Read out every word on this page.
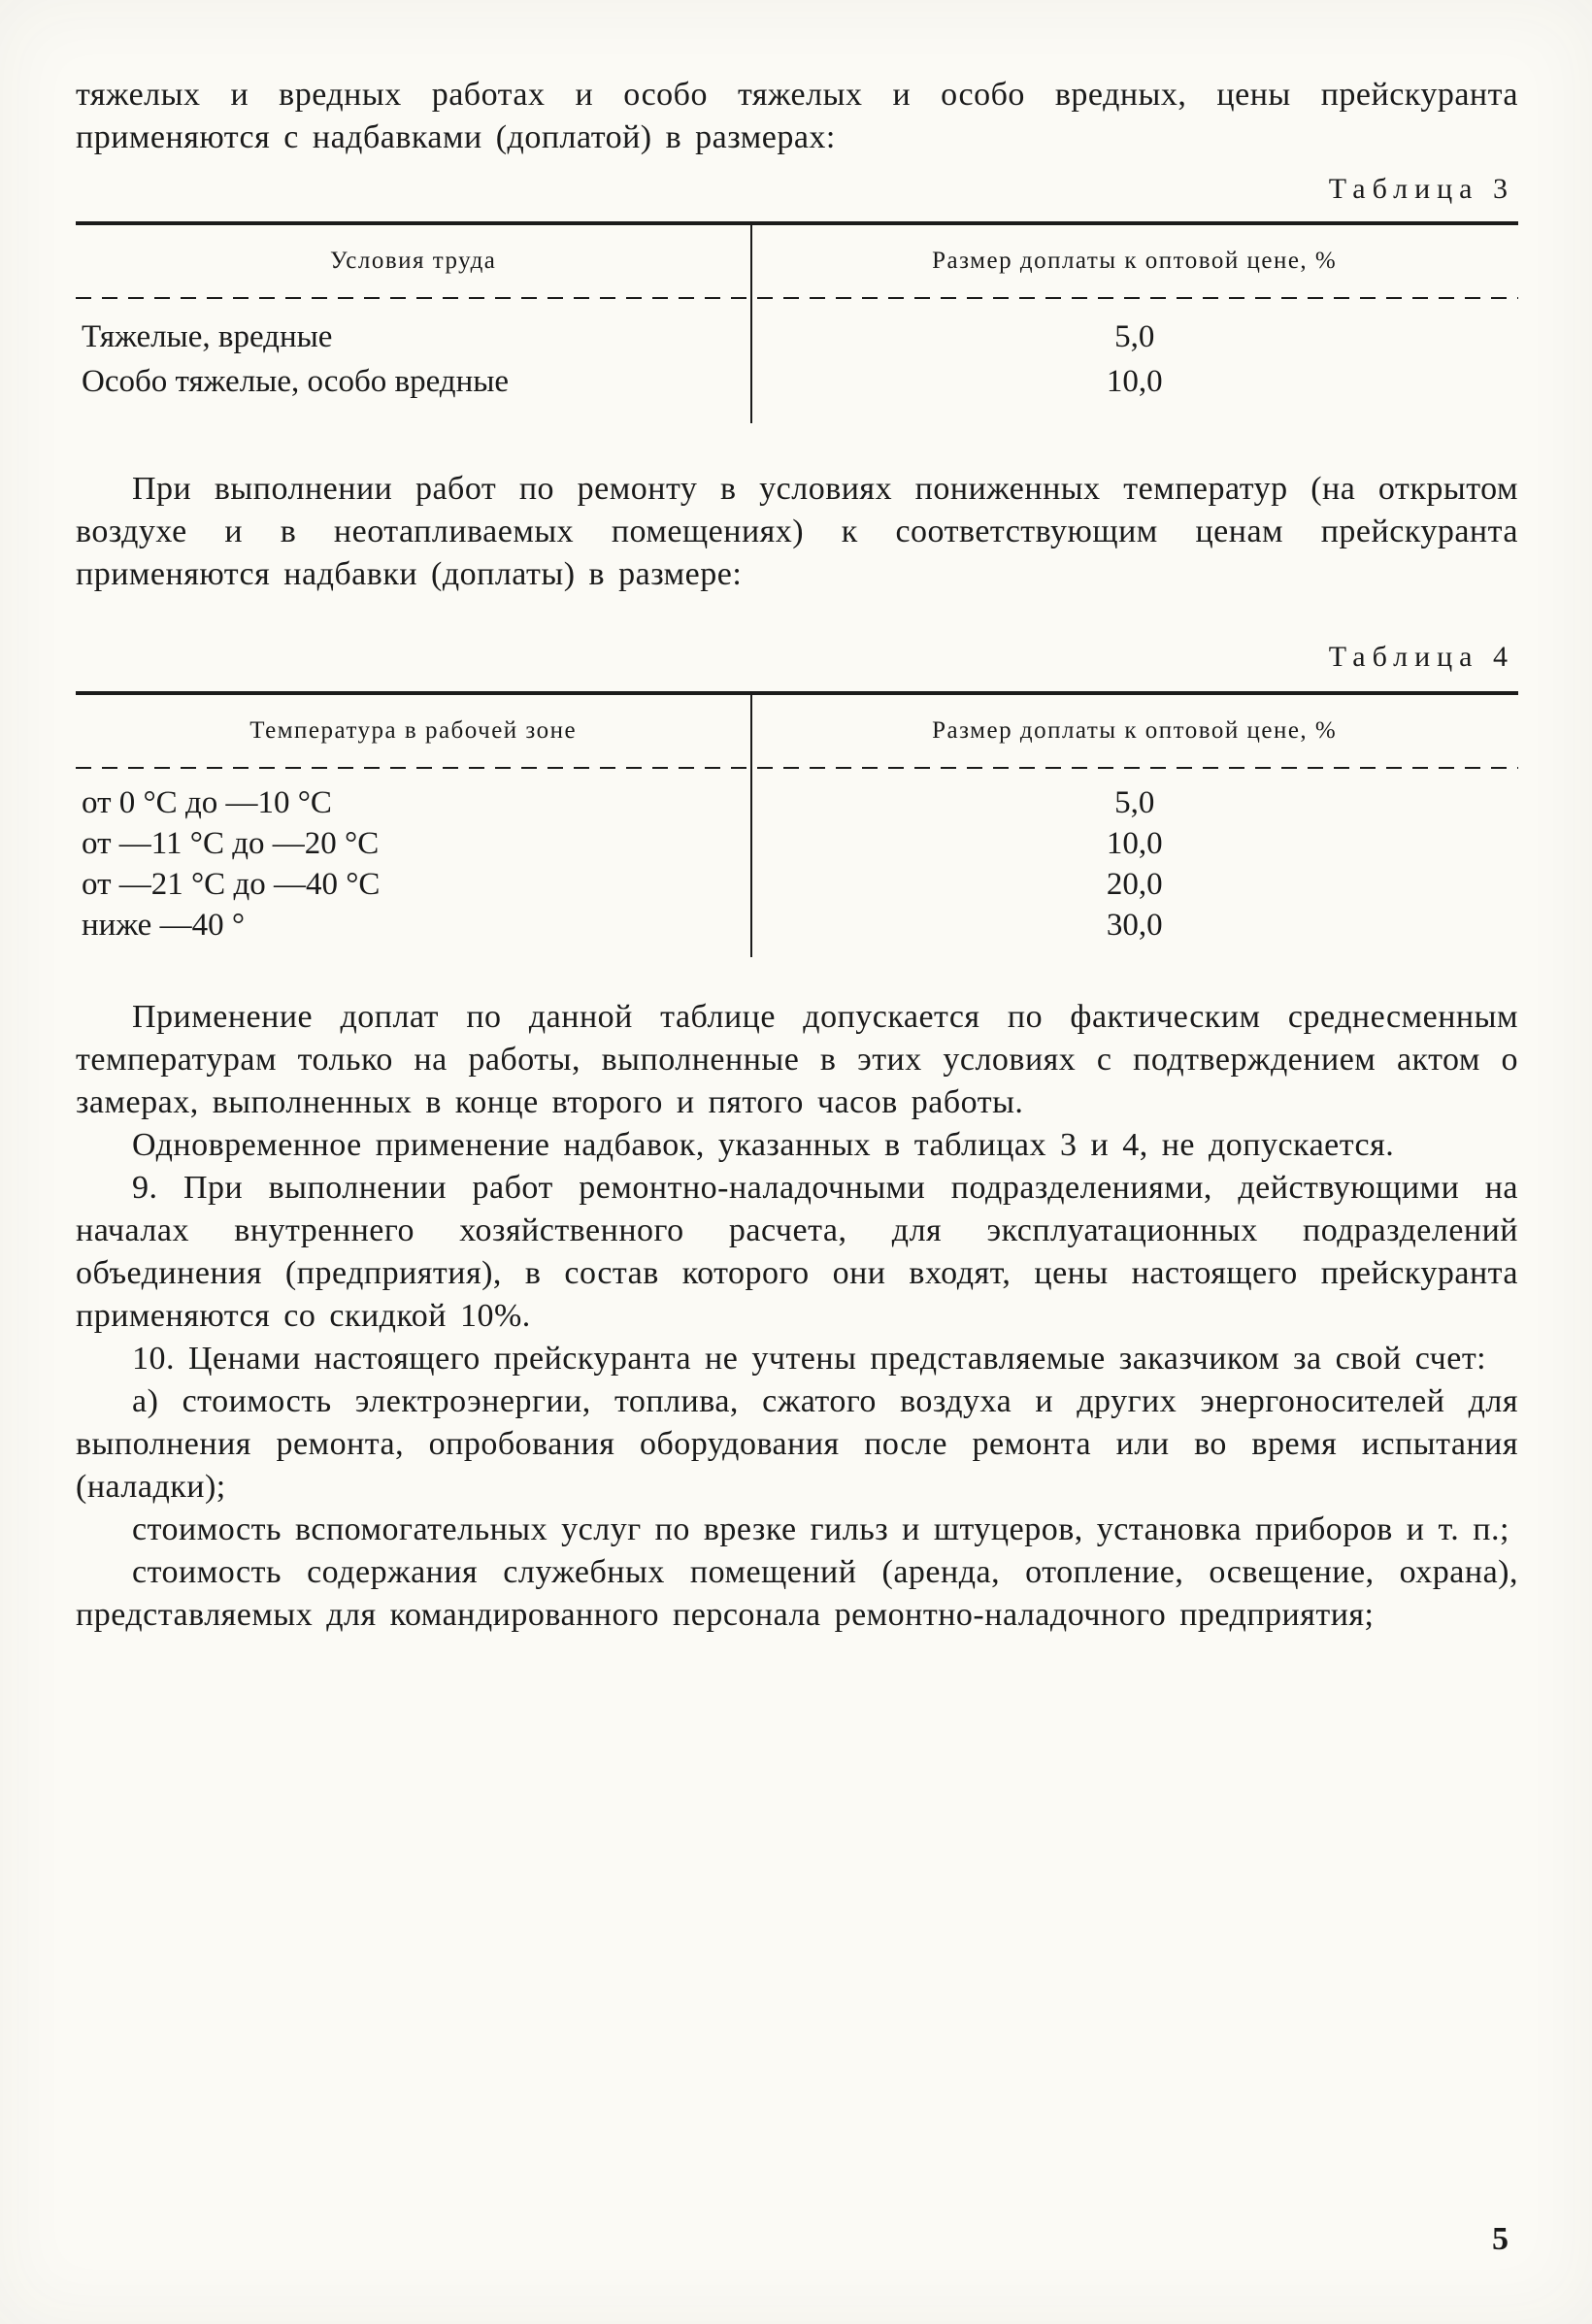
тяжелых и вредных работах и особо тяжелых и особо вредных, цены прейскуранта применяются с надбавками (доплатой) в размерах:

Таблица 3
Условия труда	Размер доплаты к оптовой цене, %
Тяжелые, вредные	5,0
Особо тяжелые, особо вредные	10,0

При выполнении работ по ремонту в условиях пониженных температур (на открытом воздухе и в неотапливаемых помещениях) к соответствующим ценам прейскуранта применяются надбавки (доплаты) в размере:

Таблица 4
Температура в рабочей зоне	Размер доплаты к оптовой цене, %
от 0 °С до —10 °С	5,0
от —11 °С до —20 °С	10,0
от —21 °С до —40 °С	20,0
ниже —40 °	30,0

Применение доплат по данной таблице допускается по фактическим среднесменным температурам только на работы, выполненные в этих условиях с подтверждением актом о замерах, выполненных в конце второго и пятого часов работы.

Одновременное применение надбавок, указанных в таблицах 3 и 4, не допускается.

9. При выполнении работ ремонтно-наладочными подразделениями, действующими на началах внутреннего хозяйственного расчета, для эксплуатационных подразделений объединения (предприятия), в состав которого они входят, цены настоящего прейскуранта применяются со скидкой 10%.

10. Ценами настоящего прейскуранта не учтены представляемые заказчиком за свой счет:

а) стоимость электроэнергии, топлива, сжатого воздуха и других энергоносителей для выполнения ремонта, опробования оборудования после ремонта или во время испытания (наладки);

стоимость вспомогательных услуг по врезке гильз и штуцеров, установка приборов и т. п.;

стоимость содержания служебных помещений (аренда, отопление, освещение, охрана), представляемых для командированного персонала ремонтно-наладочного предприятия;

5
